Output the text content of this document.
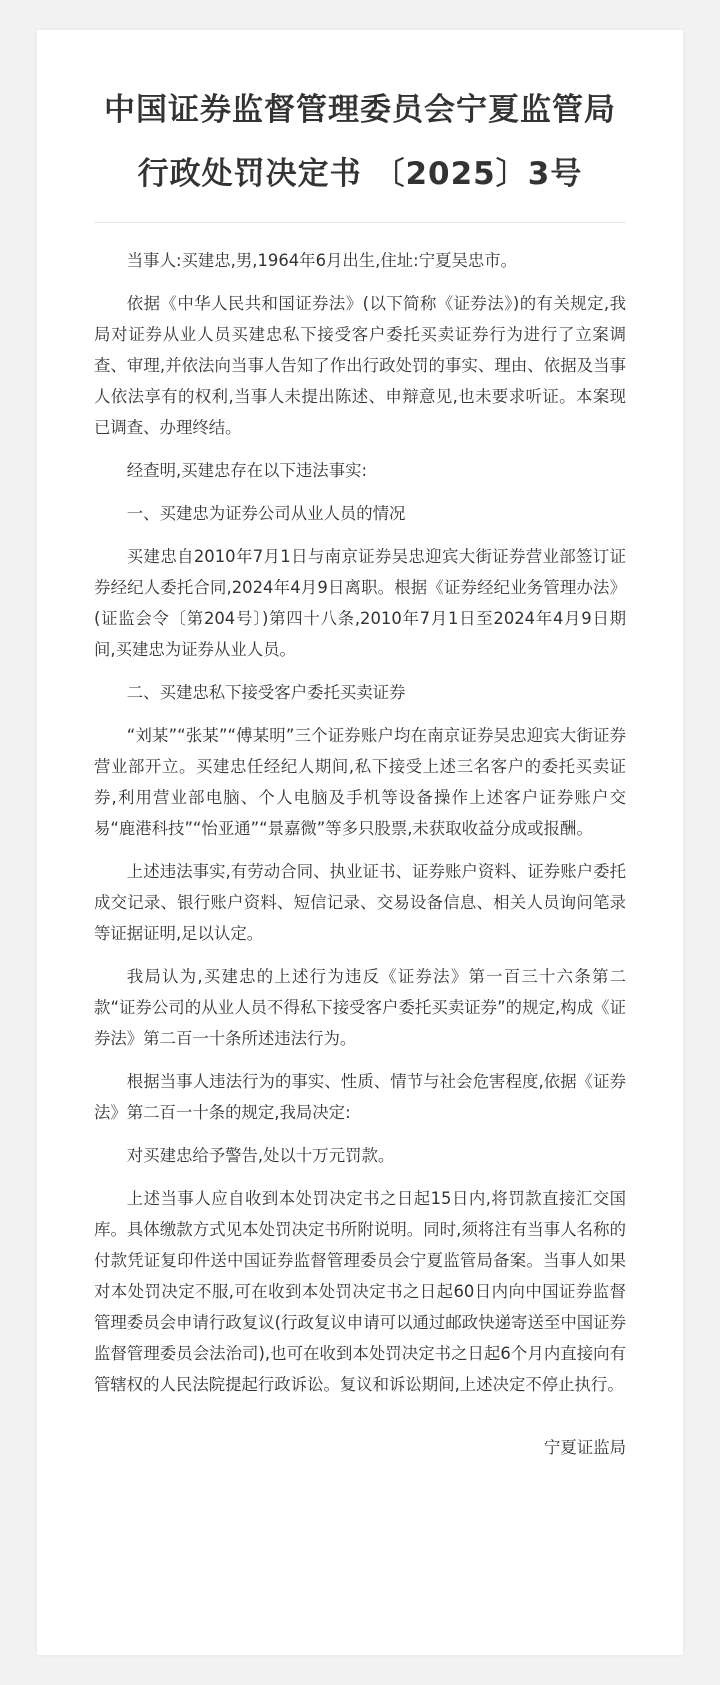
中国证券监督管理委员会宁夏监管局
行政处罚决定书 〔2025〕3号

当事人:买建忠,男,1964年6月出生,住址:宁夏吴忠市。

依据《中华人民共和国证券法》(以下简称《证券法》)的有关规定,我局对证券从业人员买建忠私下接受客户委托买卖证券行为进行了立案调查、审理,并依法向当事人告知了作出行政处罚的事实、理由、依据及当事人依法享有的权利,当事人未提出陈述、申辩意见,也未要求听证。本案现已调查、办理终结。

经查明,买建忠存在以下违法事实:

一、买建忠为证券公司从业人员的情况

买建忠自2010年7月1日与南京证券吴忠迎宾大街证券营业部签订证券经纪人委托合同,2024年4月9日离职。根据《证券经纪业务管理办法》(证监会令〔第204号〕)第四十八条,2010年7月1日至2024年4月9日期间,买建忠为证券从业人员。

二、买建忠私下接受客户委托买卖证券

“刘某”“张某”“傅某明”三个证券账户均在南京证券吴忠迎宾大街证券营业部开立。买建忠任经纪人期间,私下接受上述三名客户的委托买卖证券,利用营业部电脑、个人电脑及手机等设备操作上述客户证券账户交易“鹿港科技”“怡亚通”“景嘉微”等多只股票,未获取收益分成或报酬。

上述违法事实,有劳动合同、执业证书、证券账户资料、证券账户委托成交记录、银行账户资料、短信记录、交易设备信息、相关人员询问笔录等证据证明,足以认定。

我局认为,买建忠的上述行为违反《证券法》第一百三十六条第二款“证券公司的从业人员不得私下接受客户委托买卖证券”的规定,构成《证券法》第二百一十条所述违法行为。

根据当事人违法行为的事实、性质、情节与社会危害程度,依据《证券法》第二百一十条的规定,我局决定:

对买建忠给予警告,处以十万元罚款。

上述当事人应自收到本处罚决定书之日起15日内,将罚款直接汇交国库。具体缴款方式见本处罚决定书所附说明。同时,须将注有当事人名称的付款凭证复印件送中国证券监督管理委员会宁夏监管局备案。当事人如果对本处罚决定不服,可在收到本处罚决定书之日起60日内向中国证券监督管理委员会申请行政复议(行政复议申请可以通过邮政快递寄送至中国证券监督管理委员会法治司),也可在收到本处罚决定书之日起6个月内直接向有管辖权的人民法院提起行政诉讼。复议和诉讼期间,上述决定不停止执行。

宁夏证监局
